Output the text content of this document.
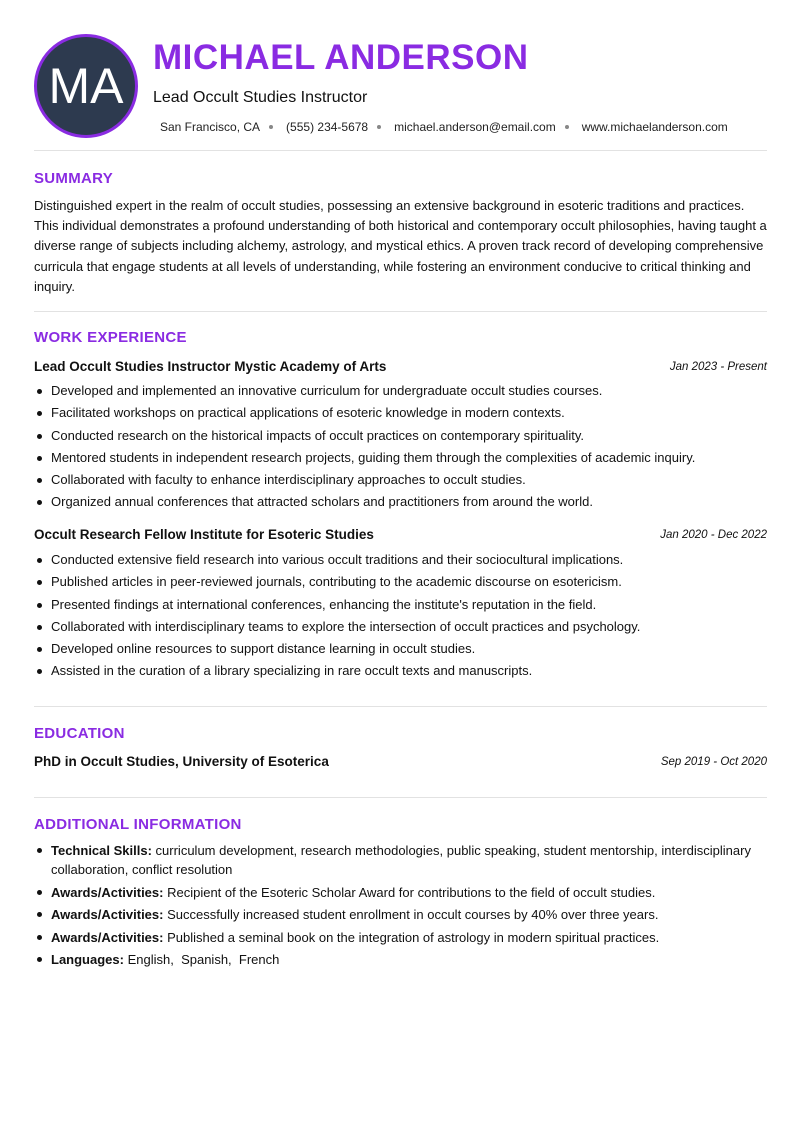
MA
MICHAEL ANDERSON
Lead Occult Studies Instructor
San Francisco, CA (555) 234-5678 michael.anderson@email.com www.michaelanderson.com
SUMMARY

Distinguished expert in the realm of occult studies, possessing an extensive background in esoteric traditions and practices. This individual demonstrates a profound understanding of both historical and contemporary occult philosophies, having taught a diverse range of subjects including alchemy, astrology, and mystical ethics. A proven track record of developing comprehensive curricula that engage students at all levels of understanding, while fostering an environment conducive to critical thinking and inquiry.

WORK EXPERIENCE
Lead Occult Studies Instructor Mystic Academy of Arts	Jan 2023 - Present
Developed and implemented an innovative curriculum for undergraduate occult studies courses.
Facilitated workshops on practical applications of esoteric knowledge in modern contexts.
Conducted research on the historical impacts of occult practices on contemporary spirituality.
Mentored students in independent research projects, guiding them through the complexities of academic inquiry.
Collaborated with faculty to enhance interdisciplinary approaches to occult studies.
Organized annual conferences that attracted scholars and practitioners from around the world.
Occult Research Fellow Institute for Esoteric Studies	Jan 2020 - Dec 2022
Conducted extensive field research into various occult traditions and their sociocultural implications.
Published articles in peer-reviewed journals, contributing to the academic discourse on esotericism.
Presented findings at international conferences, enhancing the institute's reputation in the field.
Collaborated with interdisciplinary teams to explore the intersection of occult practices and psychology.
Developed online resources to support distance learning in occult studies.
Assisted in the curation of a library specializing in rare occult texts and manuscripts.
EDUCATION
PhD in Occult Studies, University of Esoterica	Sep 2019 - Oct 2020
ADDITIONAL INFORMATION
Technical Skills: curriculum development, research methodologies, public speaking, student mentorship, interdisciplinary collaboration, conflict resolution
Awards/Activities: Recipient of the Esoteric Scholar Award for contributions to the field of occult studies.
Awards/Activities: Successfully increased student enrollment in occult courses by 40% over three years.
Awards/Activities: Published a seminal book on the integration of astrology in modern spiritual practices.
Languages: English,  Spanish,  French
